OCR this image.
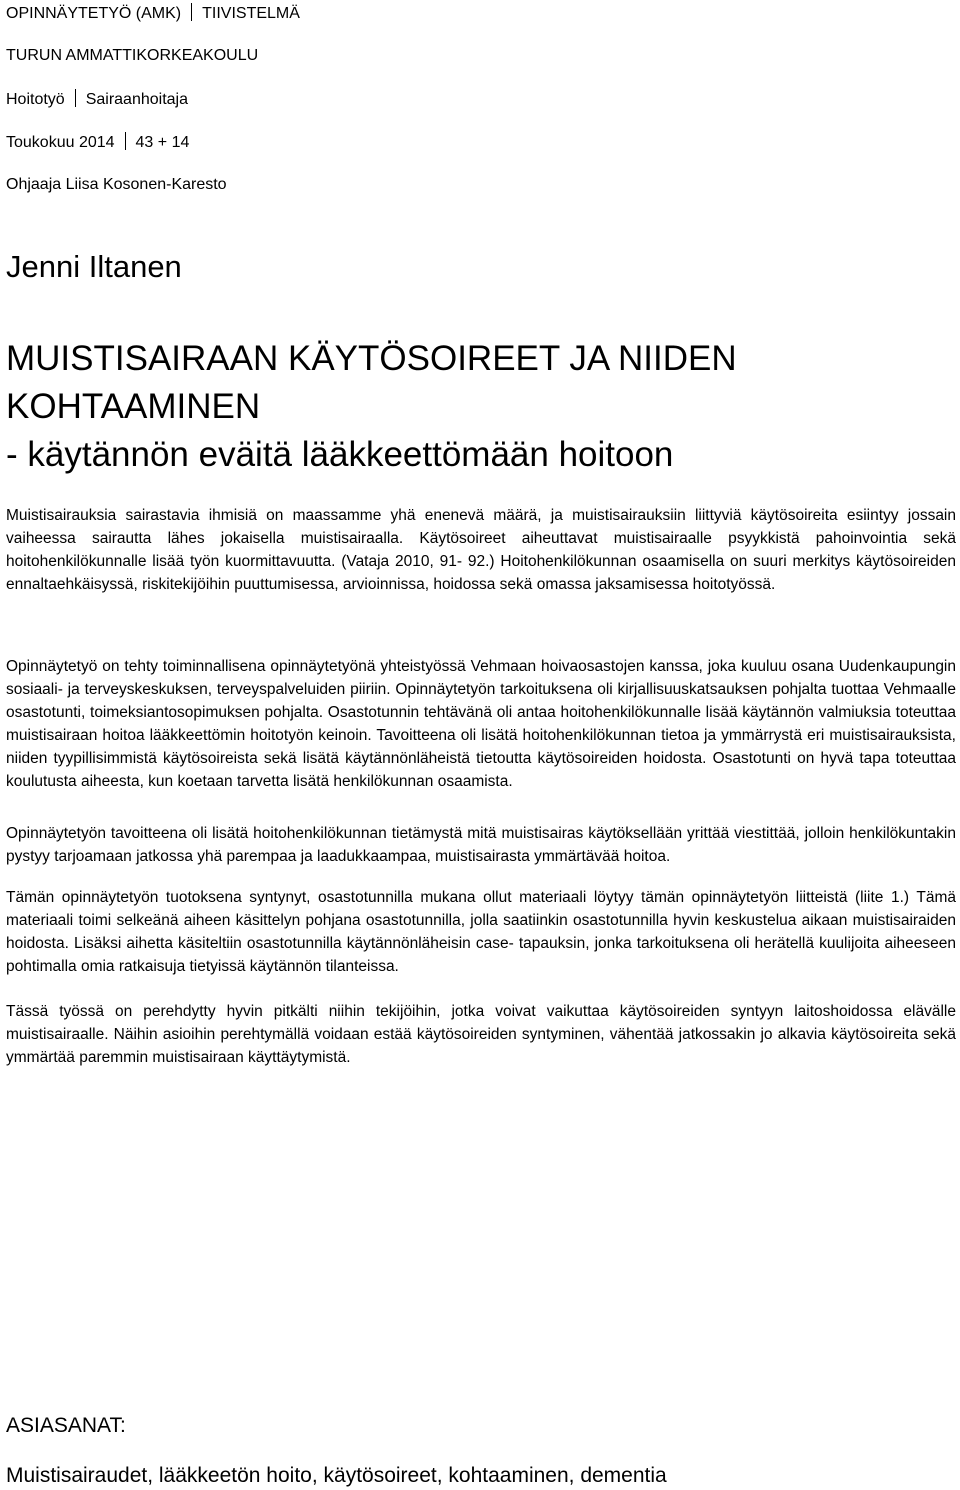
OPINNÄYTETYÖ (AMK) TIIVISTELMÄ
TURUN AMMATTIKORKEAKOULU
Hoitotyö Sairaanhoitaja
Toukokuu 2014 43 + 14
Ohjaaja Liisa Kosonen-Karesto
Jenni Iltanen
MUISTISAIRAAN KÄYTÖSOIREET JA NIIDEN
KOHTAAMINEN
- käytännön eväitä lääkkeettömään hoitoon

Muistisairauksia sairastavia ihmisiä on maassamme yhä enenevä määrä, ja muistisairauksiin liittyviä käytösoireita esiintyy jossain vaiheessa sairautta lähes jokaisella muistisairaalla. Käytösoireet aiheuttavat muistisairaalle psyykkistä pahoinvointia sekä hoitohenkilökunnalle lisää työn kuormittavuutta. (Vataja 2010, 91- 92.) Hoitohenkilökunnan osaamisella on suuri merkitys käytösoireiden ennaltaehkäisyssä, riskitekijöihin puuttumisessa, arvioinnissa, hoidossa sekä omassa jaksamisessa hoitotyössä.

Opinnäytetyö on tehty toiminnallisena opinnäytetyönä yhteistyössä Vehmaan hoivaosastojen kanssa, joka kuuluu osana Uudenkaupungin sosiaali- ja terveyskeskuksen, terveyspalveluiden piiriin. Opinnäytetyön tarkoituksena oli kirjallisuuskatsauksen pohjalta tuottaa Vehmaalle osastotunti, toimeksiantosopimuksen pohjalta. Osastotunnin tehtävänä oli antaa hoitohenkilökunnalle lisää käytännön valmiuksia toteuttaa muistisairaan hoitoa lääkkeettömin hoitotyön keinoin. Tavoitteena oli lisätä hoitohenkilökunnan tietoa ja ymmärrystä eri muistisairauksista, niiden tyypillisimmistä käytösoireista sekä lisätä käytännönläheistä tietoutta käytösoireiden hoidosta. Osastotunti on hyvä tapa toteuttaa koulutusta aiheesta, kun koetaan tarvetta lisätä henkilökunnan osaamista.

Opinnäytetyön tavoitteena oli lisätä hoitohenkilökunnan tietämystä mitä muistisairas käytöksellään yrittää viestittää, jolloin henkilökuntakin pystyy tarjoamaan jatkossa yhä parempaa ja laadukkaampaa, muistisairasta ymmärtävää hoitoa.

Tämän opinnäytetyön tuotoksena syntynyt, osastotunnilla mukana ollut materiaali löytyy tämän opinnäytetyön liitteistä (liite 1.) Tämä materiaali toimi selkeänä aiheen käsittelyn pohjana osastotunnilla, jolla saatiinkin osastotunnilla hyvin keskustelua aikaan muistisairaiden hoidosta. Lisäksi aihetta käsiteltiin osastotunnilla käytännönläheisin case- tapauksin, jonka tarkoituksena oli herätellä kuulijoita aiheeseen pohtimalla omia ratkaisuja tietyissä käytännön tilanteissa.

Tässä työssä on perehdytty hyvin pitkälti niihin tekijöihin, jotka voivat vaikuttaa käytösoireiden syntyyn laitoshoidossa elävälle muistisairaalle. Näihin asioihin perehtymällä voidaan estää käytösoireiden syntyminen, vähentää jatkossakin jo alkavia käytösoireita sekä ymmärtää paremmin muistisairaan käyttäytymistä.

ASIASANAT:
Muistisairaudet, lääkkeetön hoito, käytösoireet, kohtaaminen, dementia
